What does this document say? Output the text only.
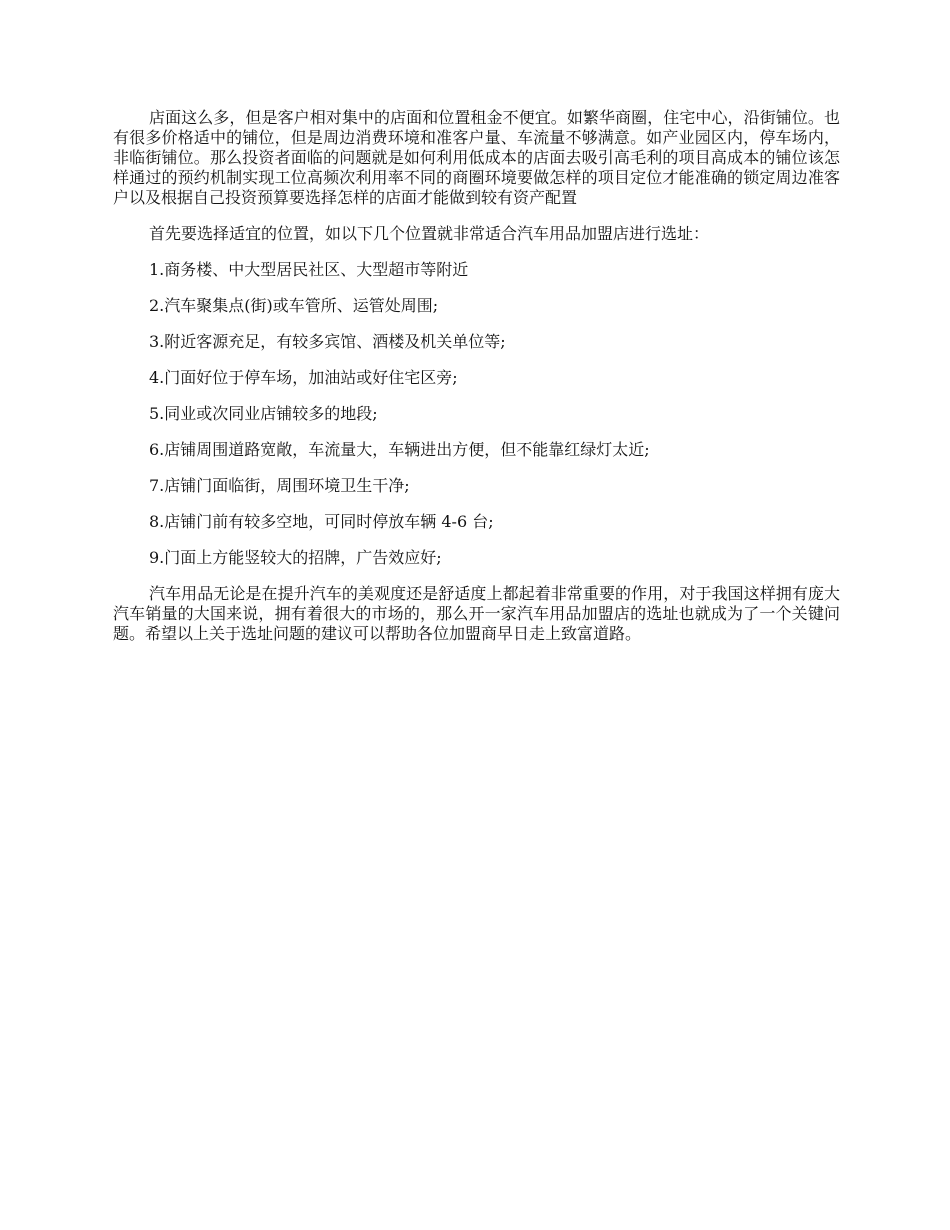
店面这么多，但是客户相对集中的店面和位置租金不便宜。如繁华商圈，住宅中心，沿街铺位。也有很多价格适中的铺位，但是周边消费环境和准客户量、车流量不够满意。如产业园区内，停车场内，非临街铺位。那么投资者面临的问题就是如何利用低成本的店面去吸引高毛利的项目高成本的铺位该怎样通过的预约机制实现工位高频次利用率不同的商圈环境要做怎样的项目定位才能准确的锁定周边准客户以及根据自己投资预算要选择怎样的店面才能做到较有资产配置

首先要选择适宜的位置，如以下几个位置就非常适合汽车用品加盟店进行选址：

1.商务楼、中大型居民社区、大型超市等附近

2.汽车聚集点(街)或车管所、运管处周围;

3.附近客源充足，有较多宾馆、酒楼及机关单位等;

4.门面好位于停车场，加油站或好住宅区旁;

5.同业或次同业店铺较多的地段;

6.店铺周围道路宽敞，车流量大，车辆进出方便，但不能靠红绿灯太近;

7.店铺门面临街，周围环境卫生干净;

8.店铺门前有较多空地，可同时停放车辆 4-6 台;

9.门面上方能竖较大的招牌，广告效应好;

汽车用品无论是在提升汽车的美观度还是舒适度上都起着非常重要的作用，对于我国这样拥有庞大汽车销量的大国来说，拥有着很大的市场的，那么开一家汽车用品加盟店的选址也就成为了一个关键问题。希望以上关于选址问题的建议可以帮助各位加盟商早日走上致富道路。
